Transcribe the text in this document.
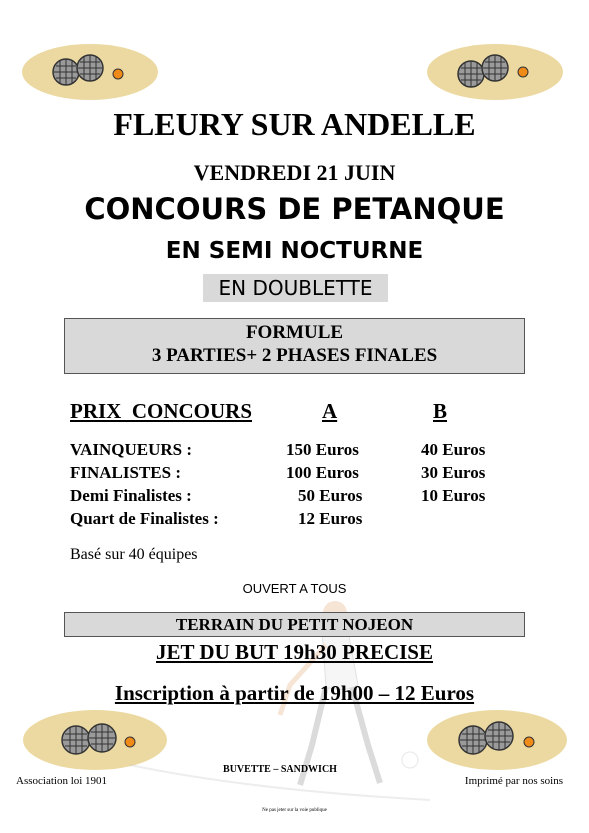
FLEURY SUR ANDELLE
VENDREDI 21 JUIN
CONCOURS DE PETANQUE
EN SEMI NOCTURNE
EN DOUBLETTE
FORMULE
3 PARTIES+ 2 PHASES FINALES
PRIX  CONCOURS	A	B
VAINQUEURS :	150 Euros	40 Euros
FINALISTES :	100 Euros	30 Euros
Demi Finalistes :	50 Euros	10 Euros
Quart de Finalistes :	12 Euros
Basé sur 40 équipes
OUVERT A TOUS
TERRAIN DU PETIT NOJEON
JET DU BUT 19h30 PRECISE
Inscription à partir de 19h00 – 12 Euros
Association loi 1901
BUVETTE – SANDWICH
Imprimé par nos soins
Ne pas jeter sur la voie publique
